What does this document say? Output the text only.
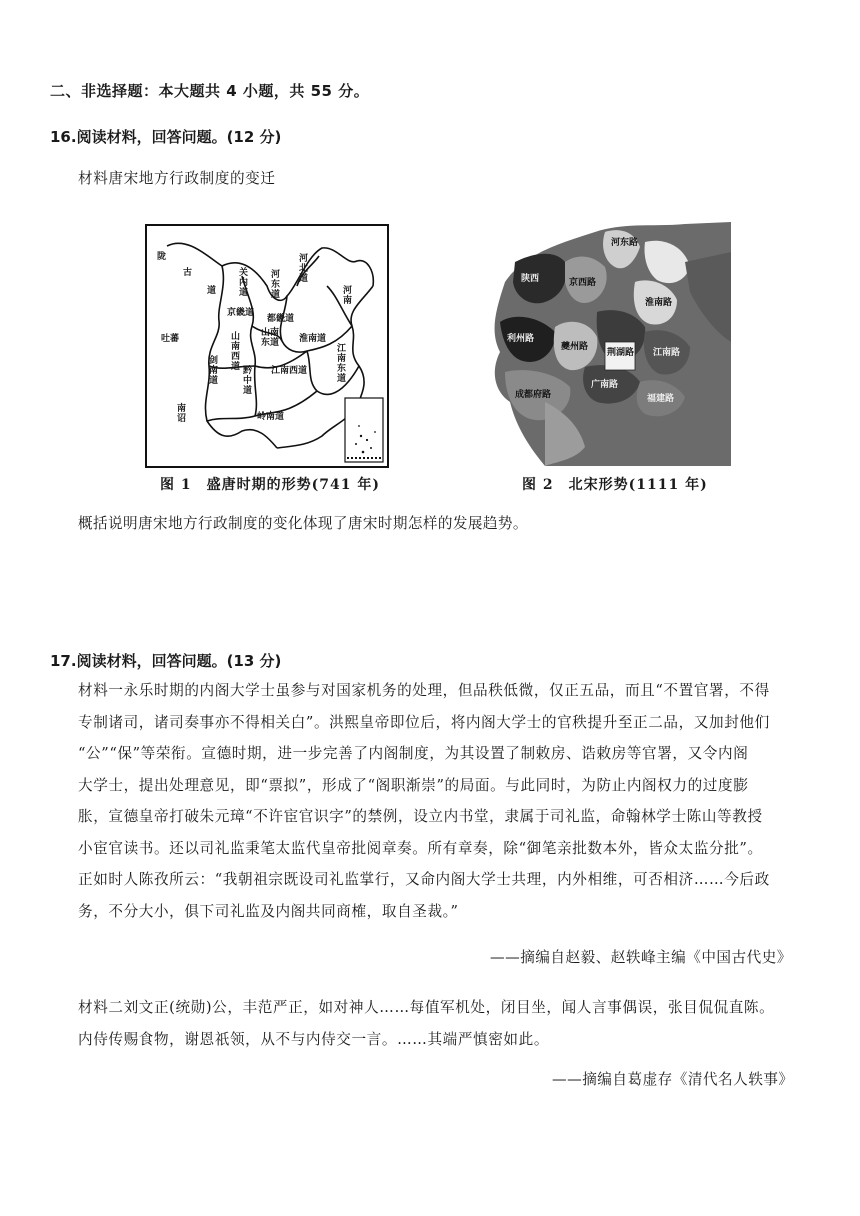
二、非选择题：本大题共 4 小题，共 55 分。
16.阅读材料，回答问题。(12 分)
材料唐宋地方行政制度的变迁
陇
古
道
吐蕃
关内道
河东道
河北道
河南
京畿道
都畿道
山南东道
山南西道
淮南道
剑南道
黔中道
江南西道
江南东道
岭南道
南诏
图 1　盛唐时期的形势(741 年)
河东路
陕西	京西路
淮南路
利州路
夔州路
荆湖路 江南路
广南路
福建路
成都府路
图 2　北宋形势(1111 年)
概括说明唐宋地方行政制度的变化体现了唐宋时期怎样的发展趋势。
17.阅读材料，回答问题。(13 分)
材料一永乐时期的内阁大学士虽参与对国家机务的处理，但品秩低微，仅正五品，而且“不置官署，不得
专制诸司，诸司奏事亦不得相关白”。洪熙皇帝即位后，将内阁大学士的官秩提升至正二品，又加封他们
“公”“保”等荣衔。宣德时期，进一步完善了内阁制度，为其设置了制敕房、诰敕房等官署，又令内阁
大学士，提出处理意见，即“票拟”，形成了“阁职渐崇”的局面。与此同时，为防止内阁权力的过度膨
胀，宣德皇帝打破朱元璋“不许宦官识字”的禁例，设立内书堂，隶属于司礼监，命翰林学士陈山等教授
小宦官读书。还以司礼监秉笔太监代皇帝批阅章奏。所有章奏，除“御笔亲批数本外，皆众太监分批”。
正如时人陈孜所云：“我朝祖宗既设司礼监掌行，又命内阁大学士共理，内外相维，可否相济……今后政
务，不分大小，俱下司礼监及内阁共同商榷，取自圣裁。”
——摘编自赵毅、赵轶峰主编《中国古代史》
材料二刘文正(统勋)公，丰范严正，如对神人……每值军机处，闭目坐，闻人言事偶误，张目侃侃直陈。
内侍传赐食物，谢恩祇领，从不与内侍交一言。……其端严慎密如此。
——摘编自葛虚存《清代名人轶事》
